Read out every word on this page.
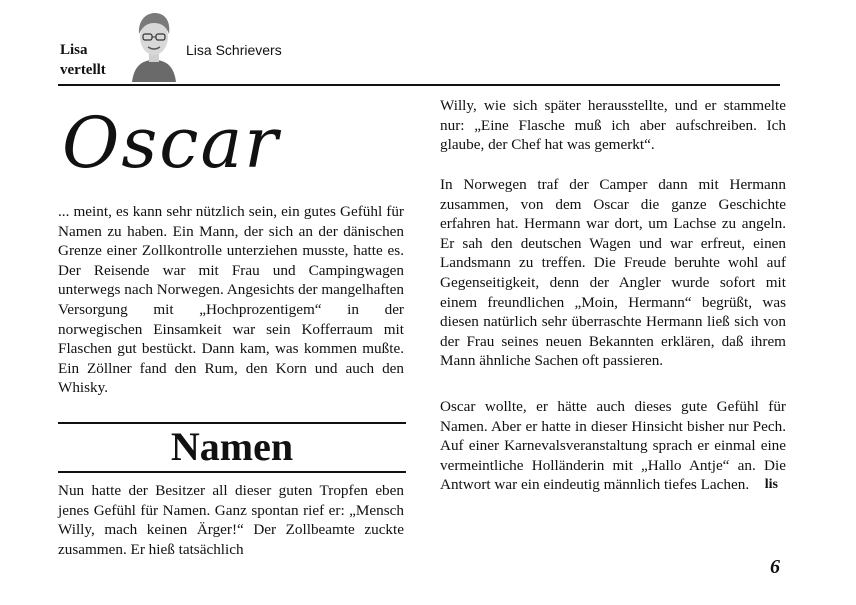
Lisa vertellt
Lisa Schrievers
Oscar

... meint, es kann sehr nützlich sein, ein gutes Gefühl für Namen zu haben. Ein Mann, der sich an der dänischen Grenze einer Zollkontrolle unterziehen musste, hatte es. Der Reisende war mit Frau und Campingwagen unterwegs nach Norwegen. Angesichts der mangelhaften Versorgung mit „Hochprozentigem“ in der norwegischen Einsamkeit war sein Kofferraum mit Flaschen gut bestückt. Dann kam, was kommen mußte. Ein Zöllner fand den Rum, den Korn und auch den Whisky.

Namen

Nun hatte der Besitzer all dieser guten Tropfen eben jenes Gefühl für Namen. Ganz spontan rief er: „Mensch Willy, mach keinen Ärger!“ Der Zollbeamte zuckte zusammen. Er hieß tatsächlich

Willy, wie sich später herausstellte, und er stammelte nur: „Eine Flasche muß ich aber aufschreiben. Ich glaube, der Chef hat was gemerkt“.

In Norwegen traf der Camper dann mit Hermann zusammen, von dem Oscar die ganze Geschichte erfahren hat. Hermann war dort, um Lachse zu angeln. Er sah den deutschen Wagen und war erfreut, einen Landsmann zu treffen. Die Freude beruhte wohl auf Gegenseitigkeit, denn der Angler wurde sofort mit einem freundlichen „Moin, Hermann“ begrüßt, was diesen natürlich sehr überraschte Hermann ließ sich von der Frau seines neuen Bekannten erklären, daß ihrem Mann ähnliche Sachen oft passieren.

Oscar wollte, er hätte auch dieses gute Gefühl für Namen. Aber er hatte in dieser Hinsicht bisher nur Pech. Auf einer Karnevalsveranstaltung sprach er einmal eine vermeintliche Holländerin mit „Hallo Antje“ an. Die Antwort war ein eindeutig männlich tiefes Lachen. lis
6
